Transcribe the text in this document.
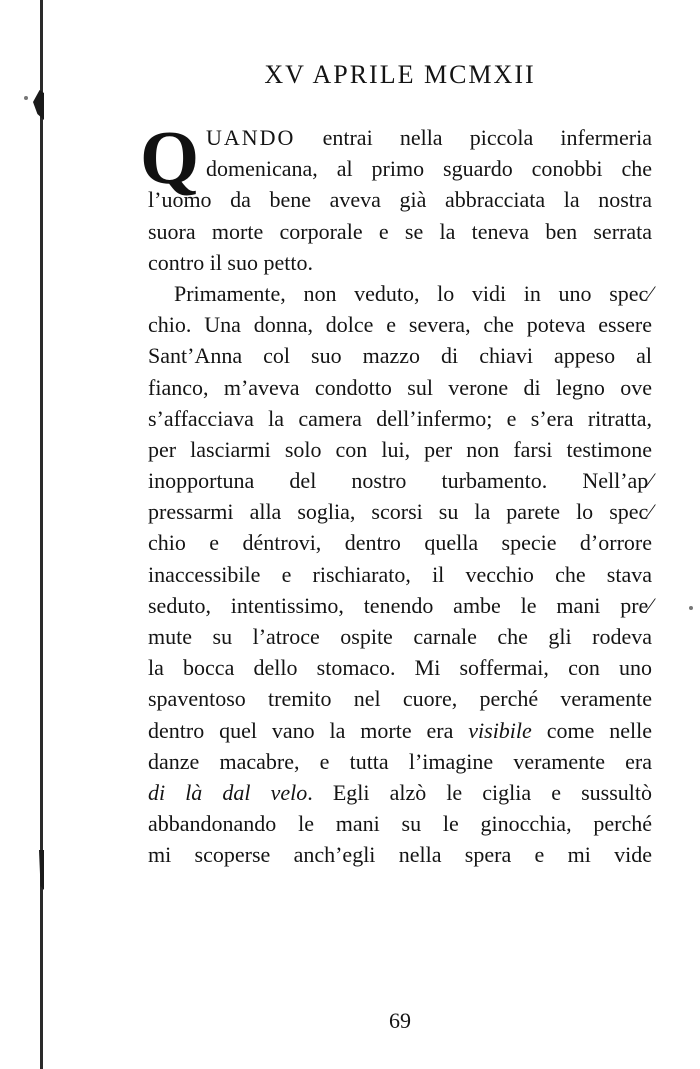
XV APRILE MCMXII
Q UANDO entrai nella piccola infermeria
domenicana, al primo sguardo conobbi che
l’uomo da bene aveva già abbracciata la nostra
suora morte corporale e se la teneva ben serrata
contro il suo petto.
Primamente, non veduto, lo vidi in uno spec⁄
chio. Una donna, dolce e severa, che poteva essere
Sant’Anna col suo mazzo di chiavi appeso al
fianco, m’aveva condotto sul verone di legno ove
s’affacciava la camera dell’infermo; e s’era ritratta,
per lasciarmi solo con lui, per non farsi testimone
inopportuna del nostro turbamento. Nell’ap⁄
pressarmi alla soglia, scorsi su la parete lo spec⁄
chio e déntrovi, dentro quella specie d’orrore
inaccessibile e rischiarato, il vecchio che stava
seduto, intentissimo, tenendo ambe le mani pre⁄
mute su l’atroce ospite carnale che gli rodeva
la bocca dello stomaco. Mi soffermai, con uno
spaventoso tremito nel cuore, perché veramente
dentro quel vano la morte era visibile come nelle
danze macabre, e tutta l’imagine veramente era
di là dal velo. Egli alzò le ciglia e sussultò
abbandonando le mani su le ginocchia, perché
mi scoperse anch’egli nella spera e mi vide
69
